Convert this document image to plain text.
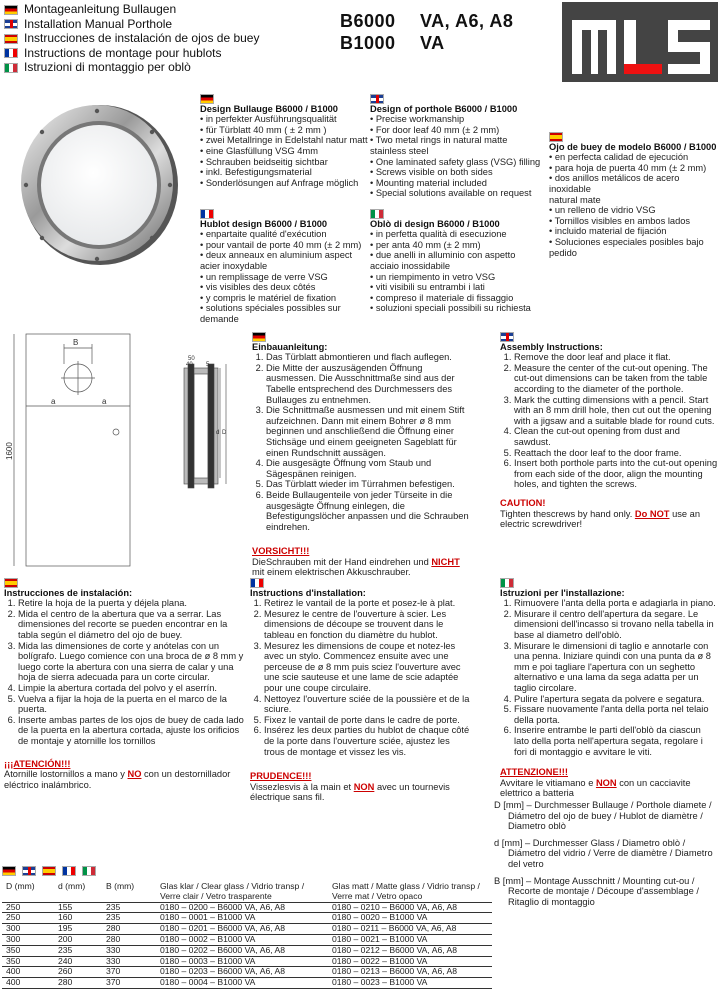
Montageanleitung Bullaugen
Installation Manual Porthole
Instrucciones de instalación de ojos de buey
Instructions de montage pour hublots
Istruzioni di montaggio per oblò
B6000 VA, A6, A8
B1000 VA
Design Bullauge B6000 / B1000
• in perfekter Ausführungsqualität
• für Türblatt 40 mm ( ± 2 mm )
• zwei Metallringe in Edelstahl natur matt
• eine Glasfüllung VSG 4mm
• Schrauben beidseitig sichtbar
• inkl. Befestigungsmaterial
• Sonderlösungen auf Anfrage möglich
Design of porthole B6000 / B1000
• Precise workmanship
• For door leaf 40 mm (± 2 mm)
• Two metal rings in natural matte
stainless steel
• One laminated safety glass (VSG) filling
• Screws visible on both sides
• Mounting material included
• Special solutions available on request
Ojo de buey de modelo B6000 / B1000
• en perfecta calidad de ejecución
• para hoja de puerta 40 mm (± 2 mm)
• dos anillos metálicos de acero inoxidable
natural mate
• un relleno de vidrio VSG
• Tornillos visibles en ambos lados
• incluido material de fijación
• Soluciones especiales posibles bajo
pedido
Hublot design B6000 / B1000
• enpartaite qualité d'exécution
• pour vantail de porte 40 mm (± 2 mm)
• deux anneaux en aluminium aspect
acier inoxydable
• un remplissage de verre VSG
• vis visibles des deux côtés
• y compris le matériel de fixation
• solutions spéciales possibles sur
demande
Oblò di design B6000 / B1000
• in perfetta qualità di esecuzione
• per anta 40 mm (± 2 mm)
• due anelli in alluminio con aspetto
acciaio inossidabile
• un riempimento in vetro VSG
• viti visibili su entrambi i lati
• compreso il materiale di fissaggio
• soluzioni speciali possibili su richiesta
B
a	a
1600
50
40 5
d D
Einbauanleitung:
1. Das Türblatt abmontieren und flach auflegen.
2. Die Mitte der auszusägenden Öffnung ausmessen. Die Ausschnittmaße sind aus der Tabelle entsprechend des Durchmessers des Bullauges zu entnehmen.
3. Die Schnittmaße ausmessen und mit einem Stift aufzeichnen. Dann mit einem Bohrer ø 8 mm beginnen und anschließend die Öffnung einer Stichsäge und einem geeigneten Sageblatt für einen Rundschnitt aussägen.
4. Die ausgesägte Öffnung vom Staub und Sägespänen reinigen.
5. Das Türblatt wieder im Türrahmen befestigen.
6. Beide Bullaugenteile von jeder Türseite in die ausgesägte Öffnung einlegen, die Befestigungslöcher anpassen und die Schrauben eindrehen.
VORSICHT!!!
DieSchrauben mit der Hand eindrehen und NICHT mit einem elektrischen Akkuschrauber.
Assembly Instructions:
1. Remove the door leaf and place it flat.
2. Measure the center of the cut-out opening. The cut-out dimensions can be taken from the table according to the diameter of the porthole.
3. Mark the cutting dimensions with a pencil. Start with an 8 mm drill hole, then cut out the opening with a jigsaw and a suitable blade for round cuts.
4. Clean the cut-out opening from dust and sawdust.
5. Reattach the door leaf to the door frame.
6. Insert both porthole parts into the cut-out opening from each side of the door, align the mounting holes, and tighten the screws.
CAUTION!
Tighten thescrews by hand only. Do NOT use an electric screwdriver!
Instrucciones de instalación:
1. Retire la hoja de la puerta y déjela plana.
2. Mida el centro de la abertura que va a serrar. Las dimensiones del recorte se pueden encontrar en la tabla según el diámetro del ojo de buey.
3. Mida las dimensiones de corte y anótelas con un bolígrafo. Luego comience con una broca de ø 8 mm y luego corte la abertura con una sierra de calar y una hoja de sierra adecuada para un corte circular.
4. Limpie la abertura cortada del polvo y el aserrín.
5. Vuelva a fijar la hoja de la puerta en el marco de la puerta.
6. Inserte ambas partes de los ojos de buey de cada lado de la puerta en la abertura cortada, ajuste los orificios de montaje y atornille los tornillos
¡¡¡ATENCIÓN!!!
Atornille lostornillos a mano y NO con un destornillador eléctrico inalámbrico.
Instructions d'installation:
1. Retirez le vantail de la porte et posez-le à plat.
2. Mesurez le centre de l'ouverture à scier. Les dimensions de découpe se trouvent dans le tableau en fonction du diamètre du hublot.
3. Mesurez les dimensions de coupe et notez-les avec un stylo. Commencez ensuite avec une perceuse de ø 8 mm puis sciez l'ouverture avec une scie sauteuse et une lame de scie adaptée pour une coupe circulaire.
4. Nettoyez l'ouverture sciée de la poussière et de la sciure.
5. Fixez le vantail de porte dans le cadre de porte.
6. Insérez les deux parties du hublot de chaque côté de la porte dans l'ouverture sciée, ajustez les trous de montage et vissez les vis.
PRUDENCE!!!
Vissezlesvis à la main et NON avec un tournevis électrique sans fil.
Istruzioni per l'installazione:
1. Rimuovere l'anta della porta e adagiarla in piano.
2. Misurare il centro dell'apertura da segare. Le dimensioni dell'incasso si trovano nella tabella in base al diametro dell'oblò.
3. Misurare le dimensioni di taglio e annotarle con una penna. Iniziare quindi con una punta da ø 8 mm e poi tagliare l'apertura con un seghetto alternativo e una lama da sega adatta per un taglio circolare.
4. Pulire l'apertura segata da polvere e segatura.
5. Fissare nuovamente l'anta della porta nel telaio della porta.
6. Inserire entrambe le parti dell'oblò da ciascun lato della porta nell'apertura segata, regolare i fori di montaggio e avvitare le viti.
ATTENZIONE!!!
Avvitare le vitiamano e NON con un cacciavite elettrico a batteria
D [mm] – Durchmesser Bullauge / Porthole diamete / Diámetro del ojo de buey / Hublot de diamètre / Diametro oblò
d [mm] – Durchmesser Glass / Diametro oblò / Diámetro del vidrio / Verre de diamètre / Diametro del vetro
B [mm] – Montage Ausschnitt / Mounting cut-ou / Recorte de montaje / Découpe d'assemblage / Ritaglio di montaggio
D (mm)	d (mm)	B (mm)	Glas klar / Clear glass / Vidrio transp / Verre clair / Vetro trasparente	Glas matt / Matte glass / Vidrio transp / Verre mat / Vetro opaco
250	155	235	0180 – 0200 – B6000 VA, A6, A8	0180 – 0210 – B6000 VA, A6, A8
250	160	235	0180 – 0001 – B1000 VA	0180 – 0020 – B1000 VA
300	195	280	0180 – 0201 – B6000 VA, A6, A8	0180 – 0211 – B6000 VA, A6, A8
300	200	280	0180 – 0002 – B1000 VA	0180 – 0021 – B1000 VA
350	235	330	0180 – 0202 – B6000 VA, A6, A8	0180 – 0212 – B6000 VA, A6, A8
350	240	330	0180 – 0003 – B1000 VA	0180 – 0022 – B1000 VA
400	260	370	0180 – 0203 – B6000 VA, A6, A8	0180 – 0213 – B6000 VA, A6, A8
400	280	370	0180 – 0004 – B1000 VA	0180 – 0023 – B1000 VA
